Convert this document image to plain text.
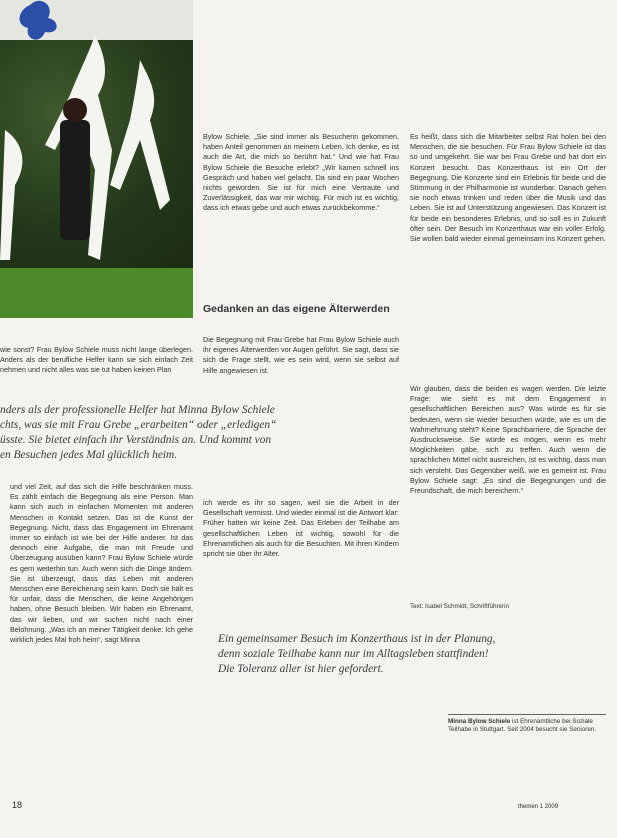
Bylow Schiele. „Sie sind immer als Besucherin gekommen, haben Anteil genommen an meinem Leben. Ich denke, es ist auch die Art, die mich so berührt hat.“ Und wie hat Frau Bylow Schiele die Besuche erlebt? „Wir kamen schnell ins Gespräch und haben viel gelacht. Da sind ein paar Wochen nichts geworden. Sie ist für mich eine Vertraute und Zuverlässigkeit, das war mir wichtig. Für mich ist es wichtig, dass ich etwas gebe und auch etwas zurückbekomme.“

Gedanken an das eigene Älterwerden

Die Begegnung mit Frau Grebe hat Frau Bylow Schiele auch ihr eigenes Älterwerden vor Augen geführt. Sie sagt, dass sie sich die Frage stellt, wie es sein wird, wenn sie selbst auf Hilfe angewiesen ist.

wie sonst? Frau Bylow Schiele muss nicht lange überlegen. Anders als der berufliche Helfer kann sie sich einfach Zeit nehmen und nicht alles was sie tut haben keinen Plan

Es heißt, dass sich die Mitarbeiter selbst Rat holen bei den Menschen, die sie besuchen. Für Frau Bylow Schiele ist das so und umgekehrt. Sie war bei Frau Grebe und hat dort ein Konzert besucht. Das Konzerthaus ist ein Ort der Begegnung. Die Konzerte sind ein Erlebnis für beide und die Stimmung in der Philharmonie ist wunderbar. Danach gehen sie noch etwas trinken und reden über die Musik und das Leben. Sie ist auf Unterstützung angewiesen. Das Konzert ist für beide ein besonderes Erlebnis, und so soll es in Zukunft öfter sein. Der Besuch im Konzerthaus war ein voller Erfolg. Sie wollen bald wieder einmal gemeinsam ins Konzert gehen.

Wir glauben, dass die beiden es wagen werden. Die letzte Frage: wie sieht es mit dem Engagement in gesellschaftlichen Bereichen aus? Was würde es für sie bedeuten, wenn sie wieder besuchen würde, wie es um die Wahrnehmung steht? Keine Sprachbarriere, die Sprache der Ausdrucksweise. Sie würde es mögen, wenn es mehr Möglichkeiten gäbe, sich zu treffen. Auch wenn die sprachlichen Mittel nicht ausreichen, ist es wichtig, dass man sich versteht. Das Gegenüber weiß, wie es gemeint ist. Frau Bylow Schiele sagt: „Es sind die Begegnungen und die Freundschaft, die mich bereichern.“

Text: Isabel Schmidt, Schriftführerin
nders als der professionelle Helfer hat Minna Bylow Schiele
chts, was sie mit Frau Grebe „erarbeiten“ oder „erledigen“
üsste. Sie bietet einfach ihr Verständnis an. Und kommt von
en Besuchen jedes Mal glücklich heim.

und viel Zeit, auf das sich die Hilfe beschränken muss. Es zählt einfach die Begegnung als eine Person. Man kann sich auch in einfachen Momenten mit anderen Menschen in Kontakt setzen. Das ist die Kunst der Begegnung. Nicht, dass das Engagement im Ehrenamt immer so einfach ist wie bei der Hilfe anderer. Ist das dennoch eine Aufgabe, die man mit Freude und Überzeugung ausüben kann? Frau Bylow Schiele würde es gern weiterhin tun. Auch wenn sich die Dinge ändern. Sie ist überzeugt, dass das Leben mit anderen Menschen eine Bereicherung sein kann. Doch sie hält es für unfair, dass die Menschen, die keine Angehörigen haben, ohne Besuch bleiben. Wir haben ein Ehrenamt, das wir lieben, und wir suchen nicht nach einer Belohnung. „Was ich an meiner Tätigkeit denke: Ich gehe wirklich jedes Mal froh heim“, sagt Minna

ich werde es ihr so sagen, weil sie die Arbeit in der Gesellschaft vermisst. Und wieder einmal ist die Antwort klar: Früher hatten wir keine Zeit. Das Erleben der Teilhabe am gesellschaftlichen Leben ist wichtig, sowohl für die Ehrenamtlichen als auch für die Besuchten. Mit ihren Kindern spricht sie über ihr Alter.

Ein gemeinsamer Besuch im Konzerthaus ist in der Planung,
denn soziale Teilhabe kann nur im Alltagsleben stattfinden!
Die Toleranz aller ist hier gefordert.
Minna Bylow Schiele ist Ehrenamtliche bei Soziale Teilhabe in Stuttgart. Seit 2004 besucht sie Senioren.
18	themen 1 2009
